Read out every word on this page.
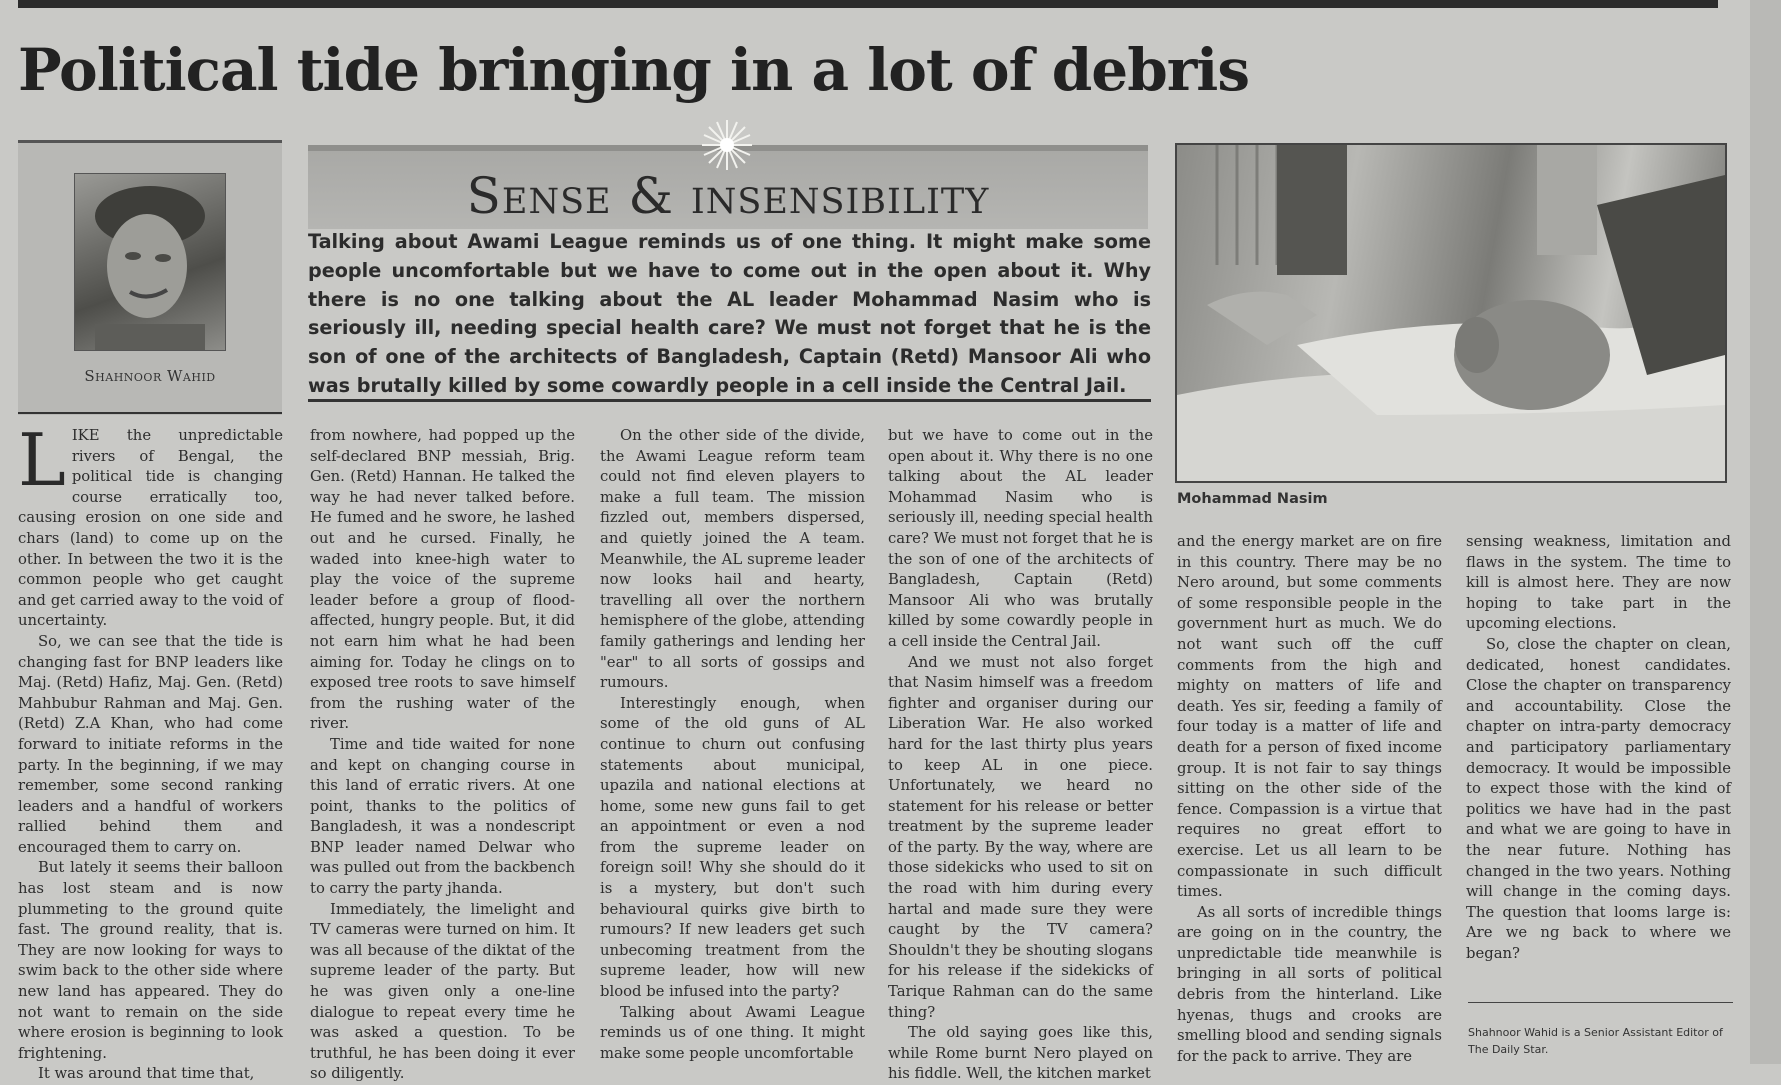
Political tide bringing in a lot of debris
Shahnoor Wahid
Sense & insensibility
Talking about Awami League reminds us of one thing. It might make some people uncomfortable but we have to come out in the open about it. Why there is no one talking about the AL leader Mohammad Nasim who is seriously ill, needing special health care? We must not forget that he is the son of one of the architects of Bangladesh, Captain (Retd) Mansoor Ali who was brutally killed by some cowardly people in a cell inside the Central Jail.
Mohammad Nasim

LIKE the unpredictable rivers of Bengal, the political tide is changing course erratically too, causing erosion on one side and chars (land) to come up on the other. In between the two it is the common people who get caught and get carried away to the void of uncertainty.

So, we can see that the tide is changing fast for BNP leaders like Maj. (Retd) Hafiz, Maj. Gen. (Retd) Mahbubur Rahman and Maj. Gen. (Retd) Z.A Khan, who had come forward to initiate reforms in the party. In the beginning, if we may remember, some second ranking leaders and a handful of workers rallied behind them and encouraged them to carry on.

But lately it seems their balloon has lost steam and is now plummeting to the ground quite fast. The ground reality, that is. They are now looking for ways to swim back to the other side where new land has appeared. They do not want to remain on the side where erosion is beginning to look frightening.

It was around that time that,

from nowhere, had popped up the self-declared BNP messiah, Brig. Gen. (Retd) Hannan. He talked the way he had never talked before. He fumed and he swore, he lashed out and he cursed. Finally, he waded into knee-high water to play the voice of the supreme leader before a group of flood-affected, hungry people. But, it did not earn him what he had been aiming for. Today he clings on to exposed tree roots to save himself from the rushing water of the river.

Time and tide waited for none and kept on changing course in this land of erratic rivers. At one point, thanks to the politics of Bangladesh, it was a nondescript BNP leader named Delwar who was pulled out from the backbench to carry the party jhanda.

Immediately, the limelight and TV cameras were turned on him. It was all because of the diktat of the supreme leader of the party. But he was given only a one-line dialogue to repeat every time he was asked a question. To be truthful, he has been doing it ever so diligently.

On the other side of the divide, the Awami League reform team could not find eleven players to make a full team. The mission fizzled out, members dispersed, and quietly joined the A team. Meanwhile, the AL supreme leader now looks hail and hearty, travelling all over the northern hemisphere of the globe, attending family gatherings and lending her "ear" to all sorts of gossips and rumours.

Interestingly enough, when some of the old guns of AL continue to churn out confusing statements about municipal, upazila and national elections at home, some new guns fail to get an appointment or even a nod from the supreme leader on foreign soil! Why she should do it is a mystery, but don't such behavioural quirks give birth to rumours? If new leaders get such unbecoming treatment from the supreme leader, how will new blood be infused into the party?

Talking about Awami League reminds us of one thing. It might make some people uncomfortable

but we have to come out in the open about it. Why there is no one talking about the AL leader Mohammad Nasim who is seriously ill, needing special health care? We must not forget that he is the son of one of the architects of Bangladesh, Captain (Retd) Mansoor Ali who was brutally killed by some cowardly people in a cell inside the Central Jail.

And we must not also forget that Nasim himself was a freedom fighter and organiser during our Liberation War. He also worked hard for the last thirty plus years to keep AL in one piece. Unfortunately, we heard no statement for his release or better treatment by the supreme leader of the party. By the way, where are those sidekicks who used to sit on the road with him during every hartal and made sure they were caught by the TV camera? Shouldn't they be shouting slogans for his release if the sidekicks of Tarique Rahman can do the same thing?

The old saying goes like this, while Rome burnt Nero played on his fiddle. Well, the kitchen market

and the energy market are on fire in this country. There may be no Nero around, but some comments of some responsible people in the government hurt as much. We do not want such off the cuff comments from the high and mighty on matters of life and death. Yes sir, feeding a family of four today is a matter of life and death for a person of fixed income group. It is not fair to say things sitting on the other side of the fence. Compassion is a virtue that requires no great effort to exercise. Let us all learn to be compassionate in such difficult times.

As all sorts of incredible things are going on in the country, the unpredictable tide meanwhile is bringing in all sorts of political debris from the hinterland. Like hyenas, thugs and crooks are smelling blood and sending signals for the pack to arrive. They are

sensing weakness, limitation and flaws in the system. The time to kill is almost here. They are now hoping to take part in the upcoming elections.

So, close the chapter on clean, dedicated, honest candidates. Close the chapter on transparency and accountability. Close the chapter on intra-party democracy and participatory parliamentary democracy. It would be impossible to expect those with the kind of politics we have had in the past and what we are going to have in the near future. Nothing has changed in the two years. Nothing will change in the coming days. The question that looms large is: Are we ng back to where we began?

Shahnoor Wahid is a Senior Assistant Editor of The Daily Star.
